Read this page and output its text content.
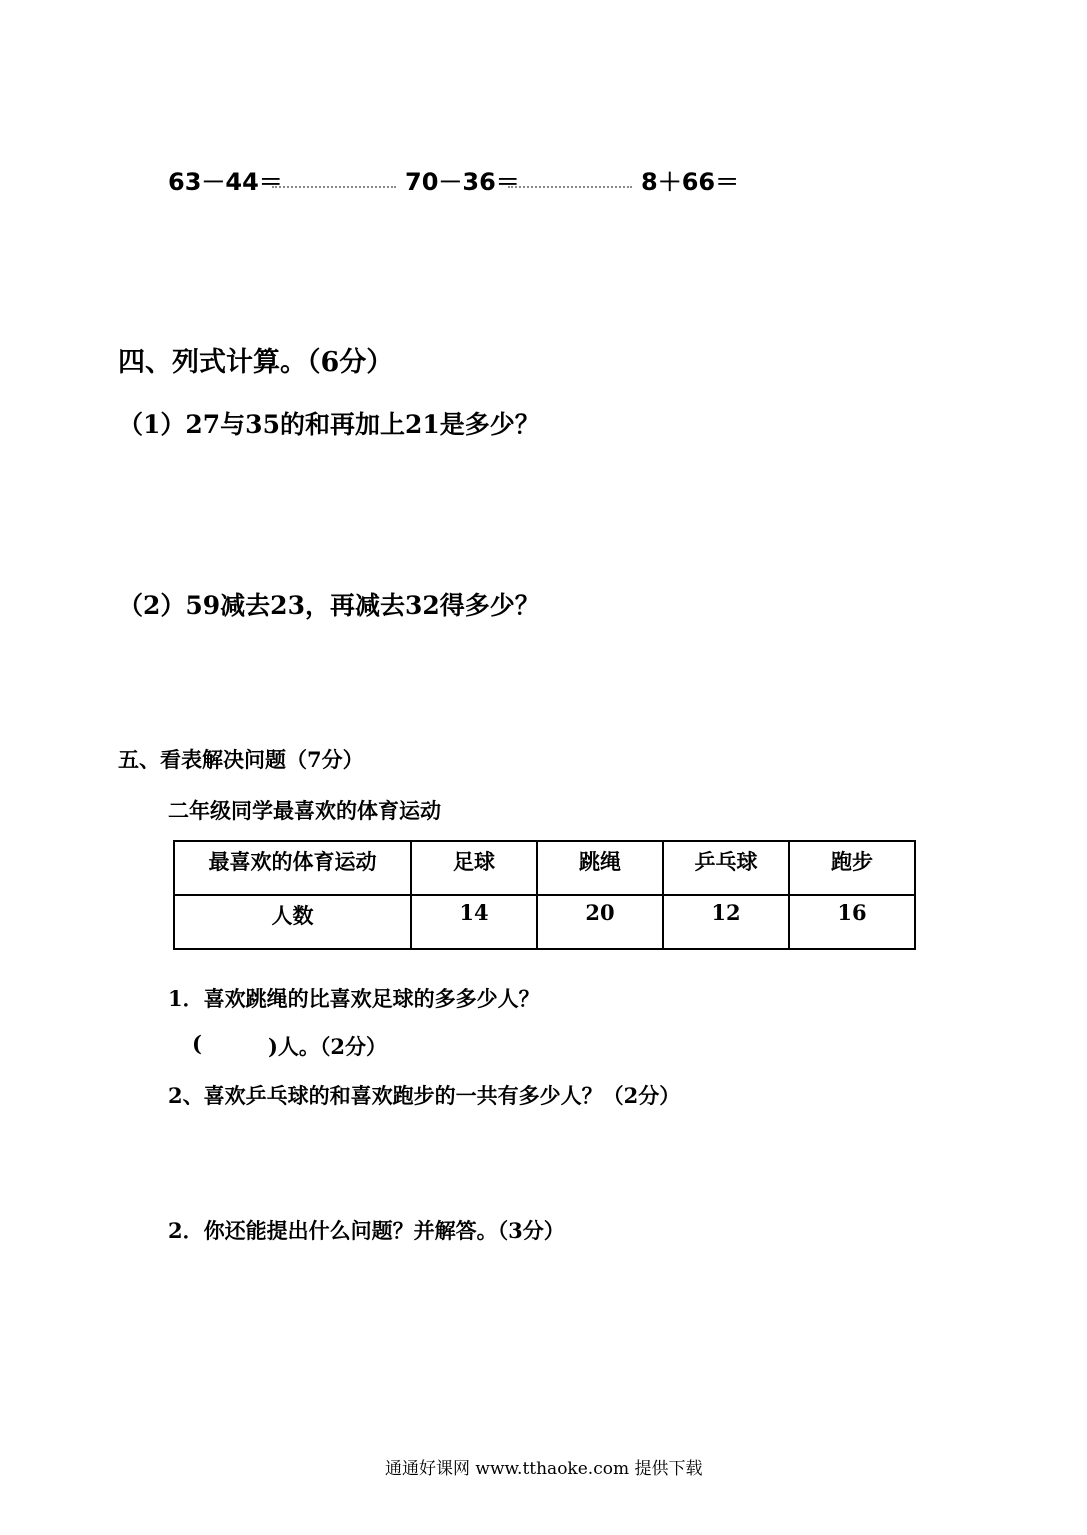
63－44＝	70－36＝	8＋66＝
四、列式计算。（6分）
（1）27与35的和再加上21是多少？
（2）59减去23，再减去32得多少？
五、看表解决问题（7分）
二年级同学最喜欢的体育运动
最喜欢的体育运动	足球	跳绳	乒乓球	跑步
人数	14	20	12	16
1．喜欢跳绳的比喜欢足球的多多少人？
(	)人。（2分）
2、喜欢乒乓球的和喜欢跑步的一共有多少人？（2分）
2．你还能提出什么问题？并解答。（3分）
通通好课网 www.tthaoke.com 提供下载
